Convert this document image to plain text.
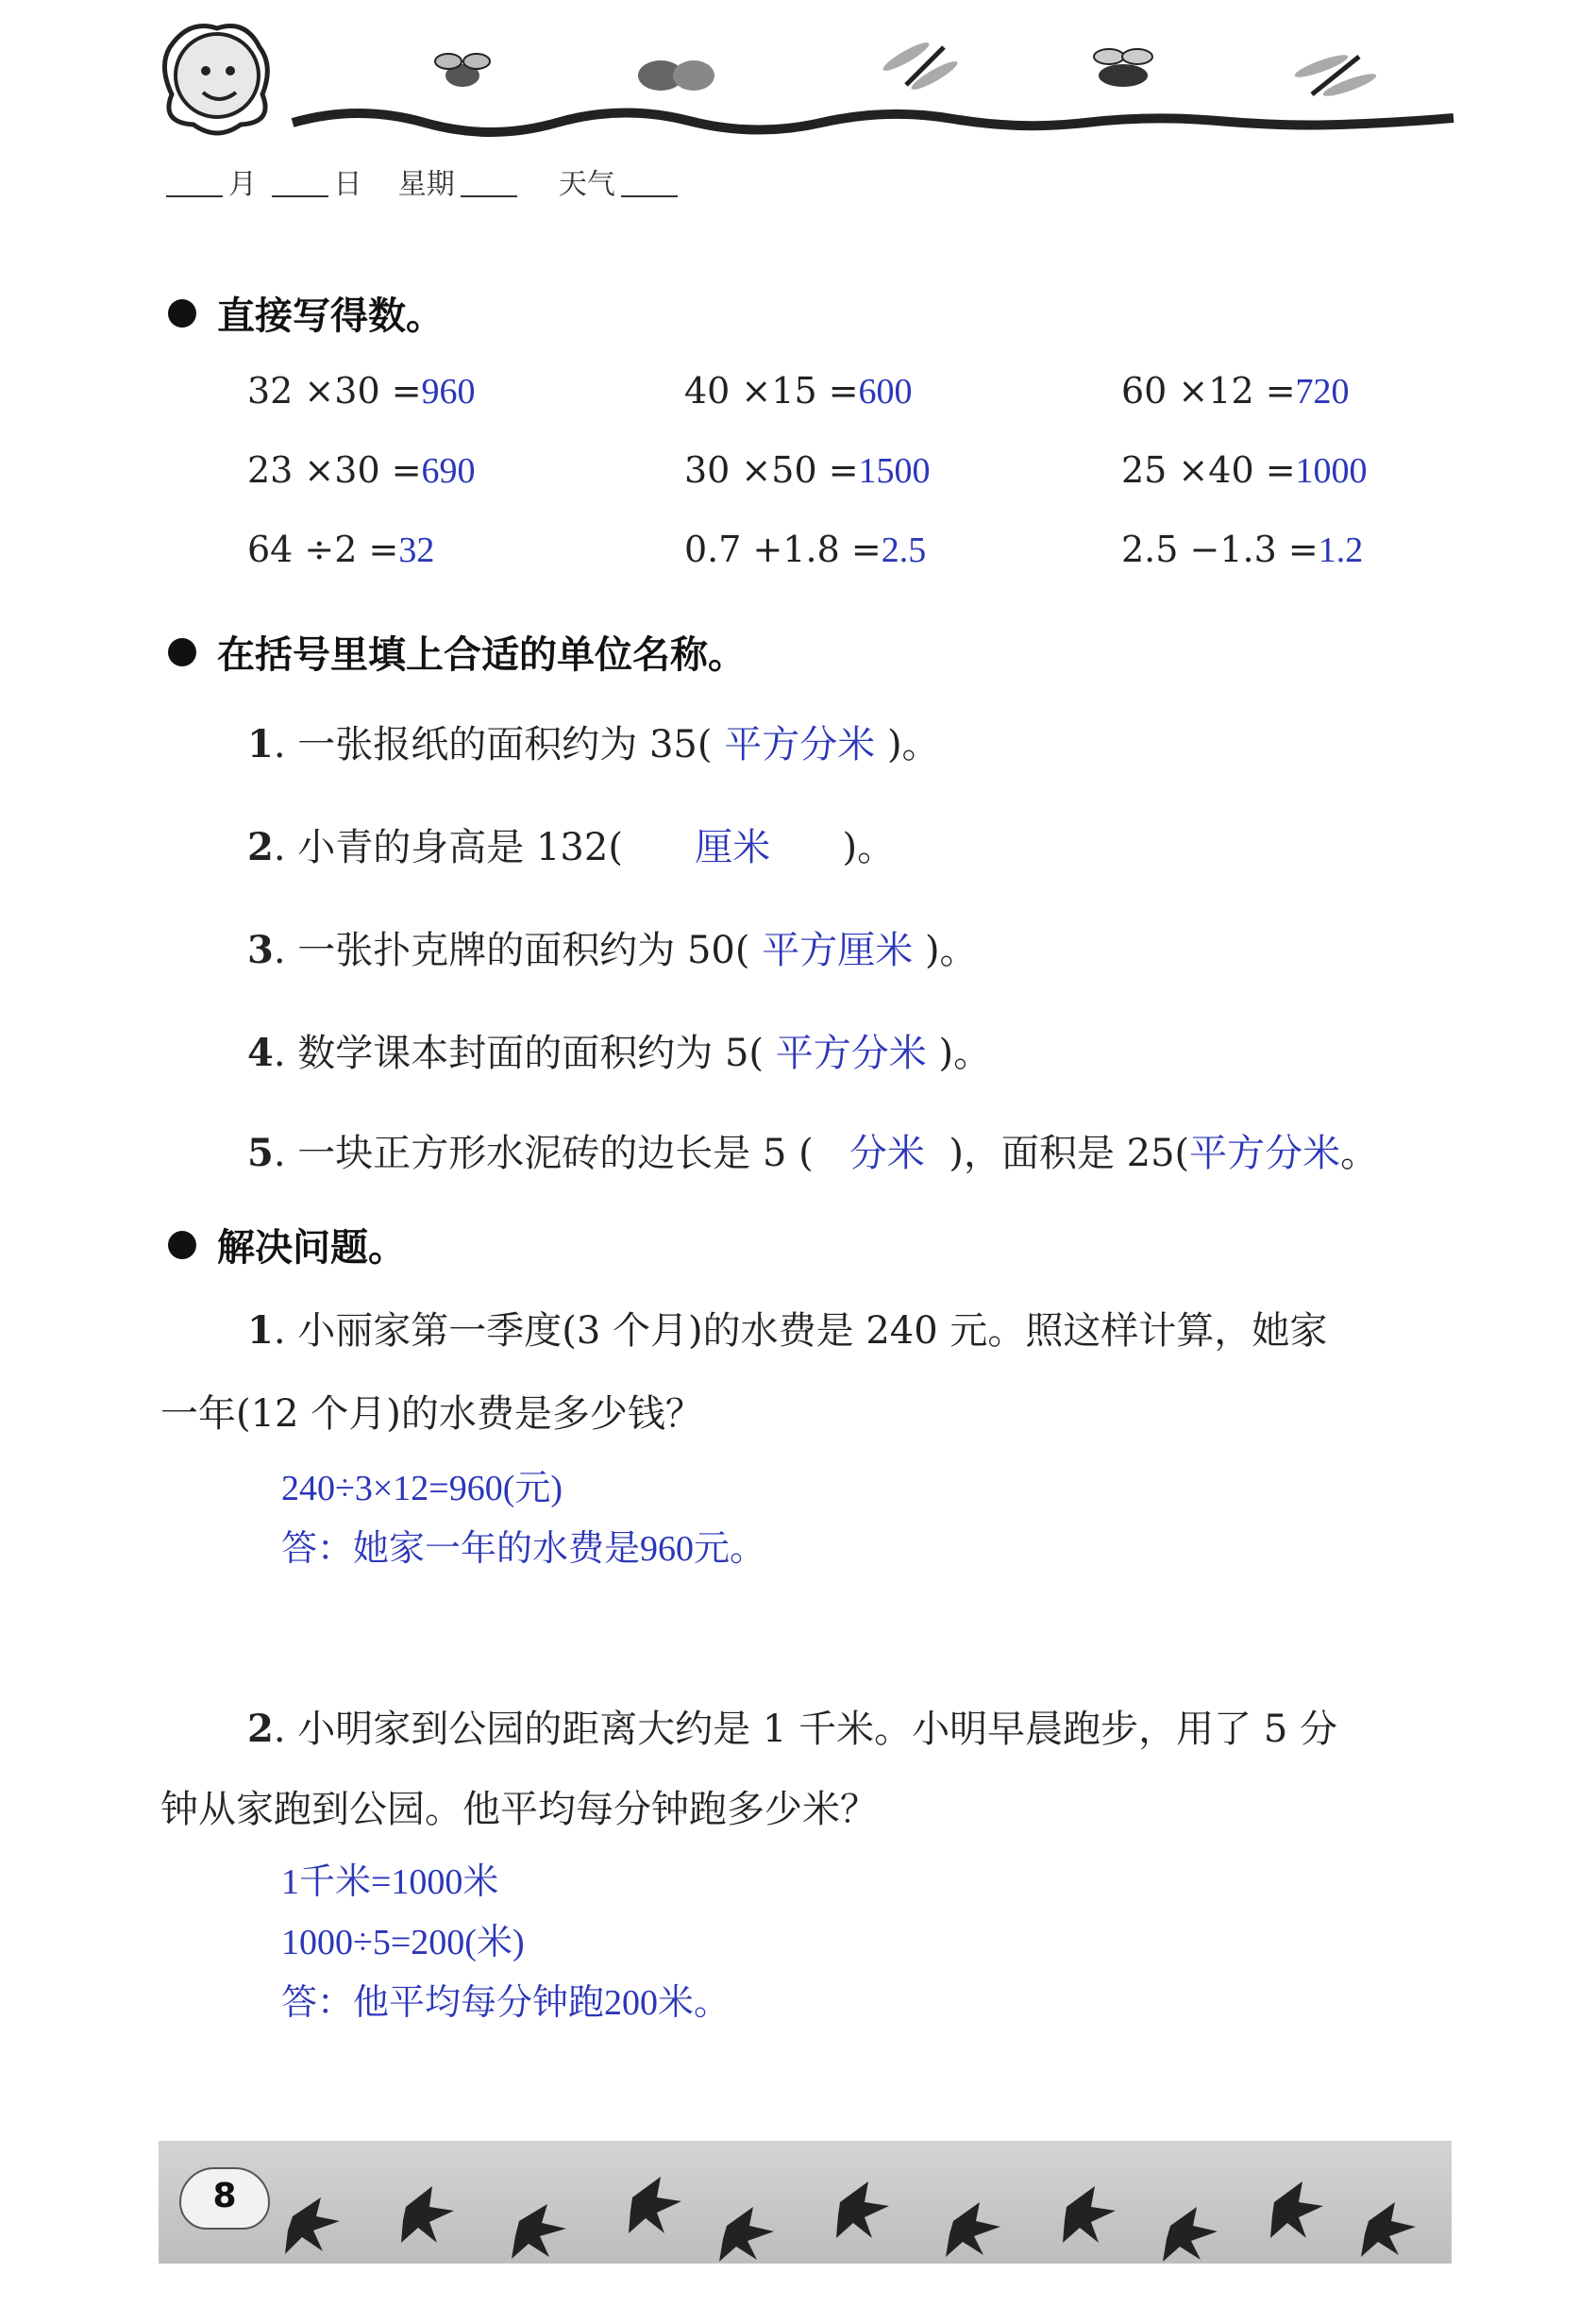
月	日 星期	天气
直接写得数。
32 ×30 =960	40 ×15 =600	60 ×12 =720
23 ×30 =690	30 ×50 =1500	25 ×40 =1000
64 ÷2 =32	0.7 +1.8 =2.5	2.5 −1.3 =1.2
在括号里填上合适的单位名称。
1. 一张报纸的面积约为 35( 平方分米 )。
2. 小青的身高是 132(      厘米      )。
3. 一张扑克牌的面积约为 50( 平方厘米 )。
4. 数学课本封面的面积约为 5( 平方分米 )。
5. 一块正方形水泥砖的边长是 5 (   分米  )，面积是 25(平方分米。
解决问题。
1. 小丽家第一季度(3 个月)的水费是 240 元。照这样计算，她家
一年(12 个月)的水费是多少钱？
240÷3×12=960(元)
答：她家一年的水费是960元。
2. 小明家到公园的距离大约是 1 千米。小明早晨跑步，用了 5 分
钟从家跑到公园。他平均每分钟跑多少米？
1千米=1000米
1000÷5=200(米)
答：他平均每分钟跑200米。
8
